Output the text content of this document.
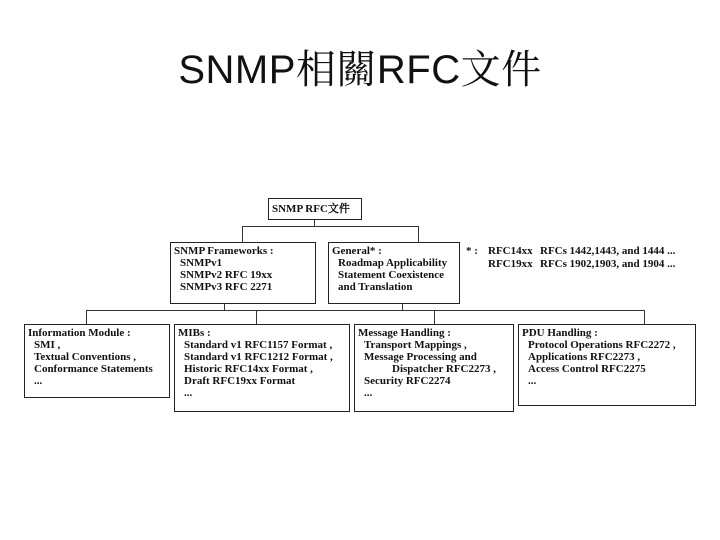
SNMP相關RFC文件
SNMP RFC文件
SNMP Frameworks :
SNMPv1
SNMPv2 RFC 19xx
SNMPv3 RFC 2271
General* :
Roadmap Applicability
Statement Coexistence
and Translation
* : RFC14xx RFCs 1442,1443, and 1444 ...
RFC19xx RFCs 1902,1903, and 1904 ...
Information Module :
SMI ,
Textual Conventions ,
Conformance Statements
...
MIBs :
Standard v1 RFC1157 Format ,
Standard v1 RFC1212 Format ,
Historic RFC14xx Format ,
Draft RFC19xx Format
...
Message Handling :
Transport Mappings ,
Message Processing and
Dispatcher RFC2273 ,
Security RFC2274
...
PDU Handling :
Protocol Operations RFC2272 ,
Applications RFC2273 ,
Access Control RFC2275
...
